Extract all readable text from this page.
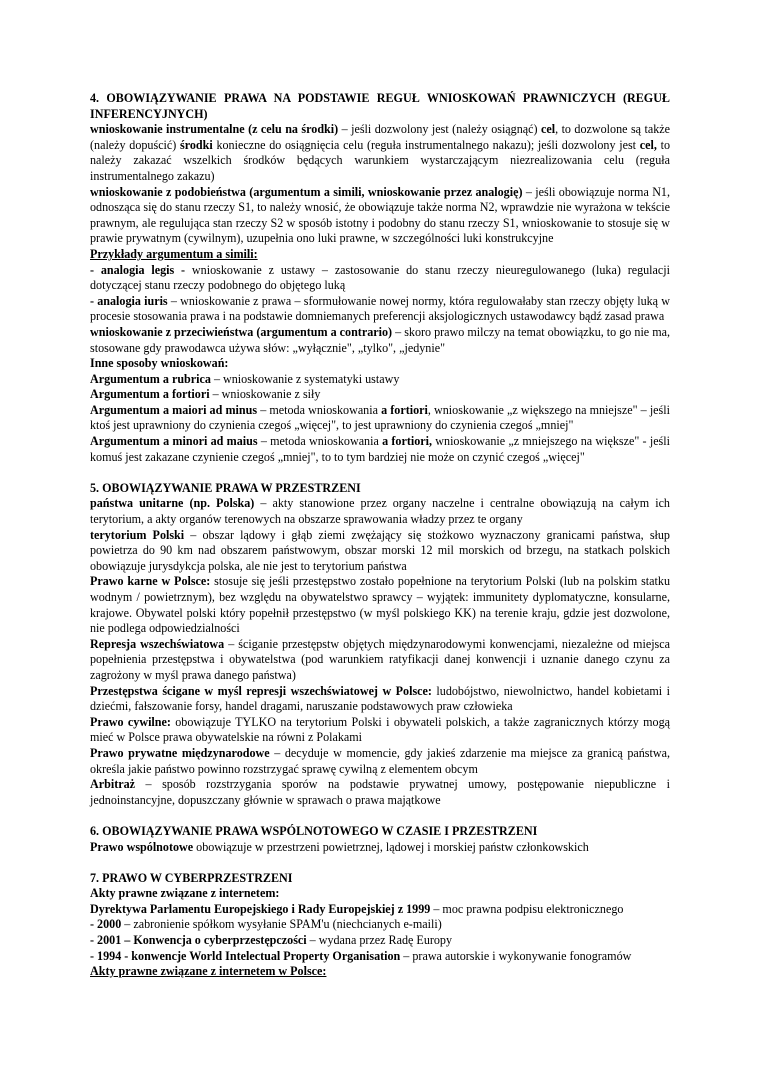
4. OBOWIĄZYWANIE PRAWA NA PODSTAWIE REGUŁ WNIOSKOWAŃ PRAWNICZYCH (REGUŁ INFERENCYJNYCH)

wnioskowanie instrumentalne (z celu na środki) – jeśli dozwolony jest (należy osiągnąć) cel, to dozwolone są także (należy dopuścić) środki konieczne do osiągnięcia celu (reguła instrumentalnego nakazu); jeśli dozwolony jest cel, to należy zakazać wszelkich środków będących warunkiem wystarczającym niezrealizowania celu (reguła instrumentalnego zakazu)

wnioskowanie z podobieństwa (argumentum a simili, wnioskowanie przez analogię) – jeśli obowiązuje norma N1, odnosząca się do stanu rzeczy S1, to należy wnosić, że obowiązuje także norma N2, wprawdzie nie wyrażona w tekście prawnym, ale regulująca stan rzeczy S2 w sposób istotny i podobny do stanu rzeczy S1, wnioskowanie to stosuje się w prawie prywatnym (cywilnym), uzupełnia ono luki prawne, w szczególności luki konstrukcyjne

Przykłady argumentum a simili:

- analogia legis - wnioskowanie z ustawy – zastosowanie do stanu rzeczy nieuregulowanego (luka) regulacji dotyczącej stanu rzeczy podobnego do objętego luką

- analogia iuris – wnioskowanie z prawa – sformułowanie nowej normy, która regulowałaby stan rzeczy objęty luką w procesie stosowania prawa i na podstawie domniemanych preferencji aksjologicznych ustawodawcy bądź zasad prawa

wnioskowanie z przeciwieństwa (argumentum a contrario) – skoro prawo milczy na temat obowiązku, to go nie ma, stosowane gdy prawodawca używa słów: „wyłącznie", „tylko", „jedynie"

Inne sposoby wnioskowań:

Argumentum a rubrica – wnioskowanie z systematyki ustawy

Argumentum a fortiori – wnioskowanie z siły

Argumentum a maiori ad minus – metoda wnioskowania a fortiori, wnioskowanie „z większego na mniejsze" – jeśli ktoś jest uprawniony do czynienia czegoś „więcej", to jest uprawniony do czynienia czegoś „mniej"

Argumentum a minori ad maius – metoda wnioskowania a fortiori, wnioskowanie „z mniejszego na większe" - jeśli komuś jest zakazane czynienie czegoś „mniej", to to tym bardziej nie może on czynić czegoś „więcej"

5. OBOWIĄZYWANIE PRAWA W PRZESTRZENI

państwa unitarne (np. Polska) – akty stanowione przez organy naczelne i centralne obowiązują na całym ich terytorium, a akty organów terenowych na obszarze sprawowania władzy przez te organy

terytorium Polski – obszar lądowy i głąb ziemi zwężający się stożkowo wyznaczony granicami państwa, słup powietrza do 90 km nad obszarem państwowym, obszar morski 12 mil morskich od brzegu, na statkach polskich obowiązuje jurysdykcja polska, ale nie jest to terytorium państwa

Prawo karne w Polsce: stosuje się jeśli przestępstwo zostało popełnione na terytorium Polski (lub na polskim statku wodnym / powietrznym), bez względu na obywatelstwo sprawcy – wyjątek: immunitety dyplomatyczne, konsularne, krajowe. Obywatel polski który popełnił przestępstwo (w myśl polskiego KK) na terenie kraju, gdzie jest dozwolone, nie podlega odpowiedzialności

Represja wszechświatowa – ściganie przestępstw objętych międzynarodowymi konwencjami, niezależne od miejsca popełnienia przestępstwa i obywatelstwa (pod warunkiem ratyfikacji danej konwencji i uznanie danego czynu za zagrożony w myśl prawa danego państwa)

Przestępstwa ścigane w myśl represji wszechświatowej w Polsce: ludobójstwo, niewolnictwo, handel kobietami i dziećmi, fałszowanie forsy, handel dragami, naruszanie podstawowych praw człowieka

Prawo cywilne: obowiązuje TYLKO na terytorium Polski i obywateli polskich, a także zagranicznych którzy mogą mieć w Polsce prawa obywatelskie na równi z Polakami

Prawo prywatne międzynarodowe – decyduje w momencie, gdy jakieś zdarzenie ma miejsce za granicą państwa, określa jakie państwo powinno rozstrzygać sprawę cywilną z elementem obcym

Arbitraż – sposób rozstrzygania sporów na podstawie prywatnej umowy, postępowanie niepubliczne i jednoinstancyjne, dopuszczany głównie w sprawach o prawa majątkowe

6. OBOWIĄZYWANIE PRAWA WSPÓLNOTOWEGO W CZASIE I PRZESTRZENI

Prawo wspólnotowe obowiązuje w przestrzeni powietrznej, lądowej i morskiej państw członkowskich

7. PRAWO W CYBERPRZESTRZENI

Akty prawne związane z internetem:

Dyrektywa Parlamentu Europejskiego i Rady Europejskiej z 1999 – moc prawna podpisu elektronicznego

- 2000 – zabronienie spółkom wysyłanie SPAM'u (niechcianych e-maili)

- 2001 – Konwencja o cyberprzestępczości – wydana przez Radę Europy

- 1994 - konwencje World Intelectual Property Organisation – prawa autorskie i wykonywanie fonogramów

Akty prawne związane z internetem w Polsce:
